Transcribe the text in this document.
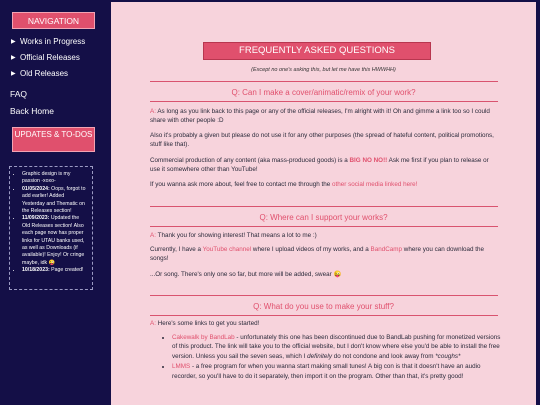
NAVIGATION
▶ Works in Progress
▶ Official Releases
▶ Old Releases
FAQ
Back Home
UPDATES & TO-DOS
• Graphic design is my passion -xoxo-
• 01/05/2024: Oops, forgot to add earlier! Added Yesterday and Thematic on the Releases section!
• 11/09/2023: Updated the Old Releases section! Also each page now has proper links for UTAU banks used, as well as Downloads (if available)! Enjoy! Or cringe maybe, idk 😜
• 10/18/2023: Page created!
FREQUENTLY ASKED QUESTIONS
(Except no one's asking this, but let me have this HWWHH)
Q: Can I make a cover/animatic/remix of your work?
A: As long as you link back to this page or any of the official releases, I'm alright with it! Oh and gimme a link too so I could share with other people :D
Also it's probably a given but please do not use it for any other purposes (the spread of hateful content, political promotions, stuff like that).
Commercial production of any content (aka mass-produced goods) is a BIG NO NO!! Ask me first if you plan to release or use it somewhere other than YouTube!
If you wanna ask more about, feel free to contact me through the other social media linked here!
Q: Where can I support your works?
A: Thank you for showing interest! That means a lot to me :)
Currently, I have a YouTube channel where I upload videos of my works, and a BandCamp where you can download the songs!
...Or song. There's only one so far, but more will be added, swear 😜
Q: What do you use to make your stuff?
A: Here's some links to get you started!
• Cakewalk by BandLab - unfortunately this one has been discontinued due to BandLab pushing for monetized versions of this product. The link will take you to the official website, but I don't know where else you'd be able to install the free version. Unless you sail the seven seas, which I definitely do not condone and look away from *coughs*
• LMMS - a free program for when you wanna start making small tunes! A big con is that it doesn't have an audio recorder, so you'll have to do it separately, then import it on the program. Other than that, it's pretty good!
